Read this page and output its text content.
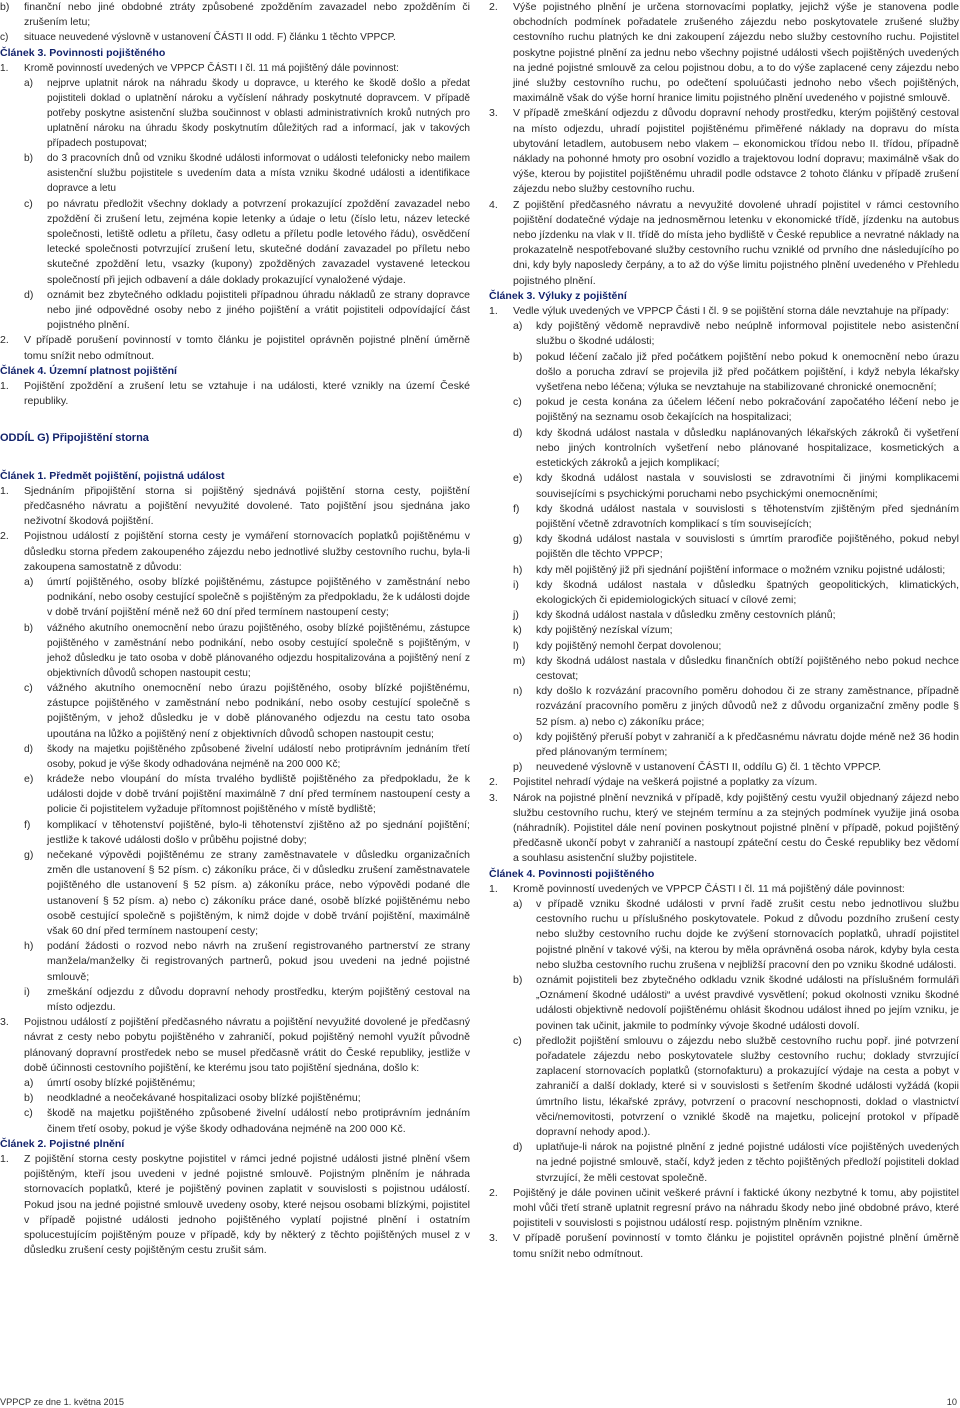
b) finanční nebo jiné obdobné ztráty způsobené zpožděním zavazadel nebo zpožděním či zrušením letu;

c) situace neuvedené výslovně v ustanovení ČÁSTI II odd. F) článku 1 těchto VPPCP.

Článek 3. Povinnosti pojištěného

1. Kromě povinností uvedených ve VPPCP ČÁSTI I čl. 11 má pojištěný dále povinnost:

a) nejprve uplatnit nárok na náhradu škody u dopravce, u kterého ke škodě došlo a předat pojistiteli doklad o uplatnění nároku a vyčíslení náhrady poskytnuté dopravcem. V případě potřeby poskytne asistenční služba součinnost v oblasti administrativních kroků nutných pro uplatnění nároku na úhradu škody poskytnutím důležitých rad a informací, jak v takových případech postupovat;

b) do 3 pracovních dnů od vzniku škodné události informovat o události telefonicky nebo mailem asistenční službu pojistitele s uvedením data a místa vzniku škodné události a identifikace dopravce a letu

c) po návratu předložit všechny doklady a potvrzení prokazující zpoždění zavazadel nebo zpoždění či zrušení letu, zejména kopie letenky a údaje o letu (číslo letu, název letecké společnosti, letiště odletu a příletu, časy odletu a příletu podle letového řádu), osvědčení letecké společnosti potvrzující zrušení letu, skutečné dodání zavazadel po příletu nebo skutečné zpoždění letu, vsazky (kupony) zpožděných zavazadel vystavené leteckou společností při jejich odbavení a dále doklady prokazující vynaložené výdaje.

d) oznámit bez zbytečného odkladu pojistiteli případnou úhradu nákladů ze strany dopravce nebo jiné odpovědné osoby nebo z jiného pojištění a vrátit pojistiteli odpovídající část pojistného plnění.

2. V případě porušení povinností v tomto článku je pojistitel oprávněn pojistné plnění úměrně tomu snížit nebo odmítnout.

Článek 4. Územní platnost pojištění

1. Pojištění zpoždění a zrušení letu se vztahuje i na události, které vznikly na území České republiky.

ODDÍL G) Připojištění storna

Článek 1. Předmět pojištění, pojistná událost

1. Sjednáním připojištění storna si pojištěný sjednává pojištění storna cesty, pojištění předčasného návratu a pojištění nevyužité dovolené. Tato pojištění jsou sjednána jako neživotní škodová pojištění.

2. Pojistnou událostí z pojištění storna cesty je vymáření stornovacích poplatků pojištěnému v důsledku storna předem zakoupeného zájezdu nebo jednotlivé služby cestovního ruchu, byla-li zakoupena samostatně z důvodu:

a) úmrtí pojištěného, osoby blízké pojištěnému, zástupce pojištěného v zaměstnání nebo podnikání, nebo osoby cestující společně s pojištěným za předpokladu, že k události dojde v době trvání pojištění méně než 60 dní před termínem nastoupení cesty;

b) vážného akutního onemocnění nebo úrazu pojištěného, osoby blízké pojištěnému, zástupce pojištěného v zaměstnání nebo podnikání, nebo osoby cestující společně s pojištěným, v jehož důsledku je tato osoba v době plánovaného odjezdu hospitalizována a pojištěný není z objektivních důvodů schopen nastoupit cestu;

c) vážného akutního onemocnění nebo úrazu pojištěného, osoby blízké pojištěnému, zástupce pojištěného v zaměstnání nebo podnikání, nebo osoby cestující společně s pojištěným, v jehož důsledku je v době plánovaného odjezdu na cestu tato osoba upoutána na lůžko a pojištěný není z objektivních důvodů schopen nastoupit cestu;

d) škody na majetku pojištěného způsobené živelní událostí nebo protiprávním jednáním třetí osoby, pokud je výše škody odhadována nejméně na 200 000 Kč;

e) krádeže nebo vloupání do místa trvalého bydliště pojištěného za předpokladu, že k události dojde v době trvání pojištění maximálně 7 dní před termínem nastoupení cesty a policie či pojistitelem vyžaduje přítomnost pojištěného v místě bydliště;

f) komplikací v těhotenství pojištěné, bylo-li těhotenství zjištěno až po sjednání pojištění; jestliže k takové události došlo v průběhu pojistné doby;

g) nečekané výpovědi pojištěnému ze strany zaměstnavatele v důsledku organizačních změn dle ustanovení § 52 písm. c) zákoníku práce, či v důsledku zrušení zaměstnavatele pojištěného dle ustanovení § 52 písm. a) zákoníku práce, nebo výpovědi podané dle ustanovení § 52 písm. a) nebo c) zákoníku práce dané, osobě blízké pojištěnému nebo osobě cestující společně s pojištěným, k nimž dojde v době trvání pojištění, maximálně však 60 dní před termínem nastoupení cesty;

h) podání žádosti o rozvod nebo návrh na zrušení registrovaného partnerství ze strany manžela/manželky či registrovaných partnerů, pokud jsou uvedeni na jedné pojistné smlouvě;

i) zmeškání odjezdu z důvodu dopravní nehody prostředku, kterým pojištěný cestoval na místo odjezdu.

3. Pojistnou událostí z pojištění předčasného návratu a pojištění nevyužité dovolené je předčasný návrat z cesty nebo pobytu pojištěného v zahraničí, pokud pojištěný nemohl využít původně plánovaný dopravní prostředek nebo se musel předčasně vrátit do České republiky, jestliže v době účinnosti cestovního pojištění, ke kterému jsou tato pojištění sjednána, došlo k:

a) úmrtí osoby blízké pojištěnému;

b) neodkladné a neočekávané hospitalizaci osoby blízké pojištěnému;

c) škodě na majetku pojištěného způsobené živelní událostí nebo protiprávním jednáním činem třetí osoby, pokud je výše škody odhadována nejméně na 200 000 Kč.

Článek 2. Pojistné plnění

1. Z pojištění storna cesty poskytne pojistitel v rámci jedné pojistné události jistné plnění všem pojištěným, kteří jsou uvedeni v jedné pojistné smlouvě. Pojistným plněním je náhrada stornovacích poplatků, které je pojištěný povinen zaplatit v souvislosti s pojistnou událostí. Pokud jsou na jedné pojistné smlouvě uvedeny osoby, které nejsou osobami blízkými, pojistitel v případě pojistné události jednoho pojištěného vyplatí pojistné plnění i ostatním spolucestujícím pojištěným pouze v případě, kdy by některý z těchto pojištěných musel z v důsledku zrušení cesty pojištěným cestu zrušit sám.

2. Výše pojistného plnění je určena stornovacími poplatky, jejichž výše je stanovena podle obchodních podmínek pořadatele zrušeného zájezdu nebo poskytovatele zrušené služby cestovního ruchu platných ke dni zakoupení zájezdu nebo služby cestovního ruchu. Pojistitel poskytne pojistné plnění za jednu nebo všechny pojistné události všech pojištěných uvedených na jedné pojistné smlouvě za celou pojistnou dobu, a to do výše zaplacené ceny zájezdu nebo jiné služby cestovního ruchu, po odečtení spoluúčasti jednoho nebo všech pojištěných, maximálně však do výše horní hranice limitu pojistného plnění uvedeného v pojistné smlouvě.

3. V případě zmeškání odjezdu z důvodu dopravní nehody prostředku, kterým pojištěný cestoval na místo odjezdu, uhradí pojistitel pojištěnému přiměřené náklady na dopravu do místa ubytování letadlem, autobusem nebo vlakem – ekonomickou třídou nebo II. třídou, případně náklady na pohonné hmoty pro osobní vozidlo a trajektovou lodní dopravu; maximálně však do výše, kterou by pojistitel pojištěnému uhradil podle odstavce 2 tohoto článku v případě zrušení zájezdu nebo služby cestovního ruchu.

4. Z pojištění předčasného návratu a nevyužité dovolené uhradí pojistitel v rámci cestovního pojištění dodatečné výdaje na jednosměrnou letenku v ekonomické třídě, jízdenku na autobus nebo jízdenku na vlak v II. třídě do místa jeho bydliště v České republice a nevratné náklady na prokazatelně nespotřebované služby cestovního ruchu vzniklé od prvního dne následujícího po dni, kdy byly naposledy čerpány, a to až do výše limitu pojistného plnění uvedeného v Přehledu pojistného plnění.

Článek 3. Výluky z pojištění

1. Vedle výluk uvedených ve VPPCP Části I čl. 9 se pojištění storna dále nevztahuje na případy:

a) kdy pojištěný vědomě nepravdivě nebo neúplně informoval pojistitele nebo asistenční službu o škodné události;

b) pokud léčení začalo již před počátkem pojištění nebo pokud k onemocnění nebo úrazu došlo a porucha zdraví se projevila již před počátkem pojištění, i když nebyla lékařsky vyšetřena nebo léčena; výluka se nevztahuje na stabilizované chronické onemocnění;

c) pokud je cesta konána za účelem léčení nebo pokračování započatého léčení nebo je pojištěný na seznamu osob čekajících na hospitalizaci;

d) kdy škodná událost nastala v důsledku naplánovaných lékařských zákroků či vyšetření nebo jiných kontrolních vyšetření nebo plánované hospitalizace, kosmetických a estetických zákroků a jejich komplikací;

e) kdy škodná událost nastala v souvislosti se zdravotními či jinými komplikacemi souvisejícími s psychickými poruchami nebo psychickými onemocněními;

f) kdy škodná událost nastala v souvislosti s těhotenstvím zjištěným před sjednáním pojištění včetně zdravotních komplikací s tím souvisejících;

g) kdy škodná událost nastala v souvislosti s úmrtím praroďiče pojištěného, pokud nebyl pojištěn dle těchto VPPCP;

h) kdy měl pojištěný již při sjednání pojištění informace o možném vzniku pojistné události;

i) kdy škodná událost nastala v důsledku špatných geopolitických, klimatických, ekologických či epidemiologických situací v cílové zemi;

j) kdy škodná událost nastala v důsledku změny cestovních plánů;

k) kdy pojištěný nezískal vízum;

l) kdy pojištěný nemohl čerpat dovolenou;

m) kdy škodná událost nastala v důsledku finančních obtíží pojištěného nebo pokud nechce cestovat;

n) kdy došlo k rozvázání pracovního poměru dohodou či ze strany zaměstnance, případně rozvázání pracovního poměru z jiných důvodů než z důvodu organizační změny podle § 52 písm. a) nebo c) zákoníku práce;

o) kdy pojištěný přeruší pobyt v zahraničí a k předčasnému návratu dojde méně než 36 hodin před plánovaným termínem;

p) neuvedené výslovně v ustanovení ČÁSTI II, oddílu G) čl. 1 těchto VPPCP.

2. Pojistitel nehradí výdaje na veškerá pojistné a poplatky za vízum.

3. Nárok na pojistné plnění nevzniká v případě, kdy pojištěný cestu využil objednaný zájezd nebo službu cestovního ruchu, který ve stejném termínu a za stejných podmínek využije jiná osoba (náhradník). Pojistitel dále není povinen poskytnout pojistné plnění v případě, pokud pojištěný předčasně ukončí pobyt v zahraničí a nastoupí zpáteční cestu do České republiky bez vědomí a souhlasu asistenční služby pojistitele.

Článek 4. Povinnosti pojištěného

1. Kromě povinností uvedených ve VPPCP ČÁSTI I čl. 11 má pojištěný dále povinnost:

a) v případě vzniku škodné události v první řadě zrušit cestu nebo jednotlivou službu cestovního ruchu u příslušného poskytovatele. Pokud z důvodu pozdního zrušení cesty nebo služby cestovního ruchu dojde ke zvýšení stornovacích poplatků, uhradí pojistitel pojistné plnění v takové výši, na kterou by měla oprávněná osoba nárok, kdyby byla cesta nebo služba cestovního ruchu zrušena v nejbližší pracovní den po vzniku škodné události.

b) oznámit pojistiteli bez zbytečného odkladu vznik škodné události na příslušném formuláři „Oznámení škodné události“ a uvést pravdivé vysvětlení; pokud okolnosti vzniku škodné události objektivně nedovolí pojištěnému ohlásit škodnou událost ihned po jejím vzniku, je povinen tak učinit, jakmile to podmínky vývoje škodné události dovolí.

c) předložit pojištění smlouvu o zájezdu nebo službě cestovního ruchu popř. jiné potvrzení pořadatele zájezdu nebo poskytovatele služby cestovního ruchu; doklady stvrzující zaplacení stornovacích poplatků (stornofakturu) a prokazující výdaje na cesta a pobyt v zahraničí a další doklady, které si v souvislosti s šetřením škodné události vyžádá (kopii úmrtního listu, lékařské zprávy, potvrzení o pracovní neschopnosti, doklad o vlastnictví věci/nemovitosti, potvrzení o vzniklé škodě na majetku, policejní protokol v případě dopravní nehody apod.).

d) uplatňuje-li nárok na pojistné plnění z jedné pojistné události více pojištěných uvedených na jedné pojistné smlouvě, stačí, když jeden z těchto pojištěných předloží pojistiteli doklad stvrzující, že měli cestovat společně.

2. Pojištěný je dále povinen učinit veškeré právní i faktické úkony nezbytné k tomu, aby pojistitel mohl vůči třetí straně uplatnit regresní právo na náhradu škody nebo jiné obdobné právo, které pojistiteli v souvislosti s pojistnou událostí resp. pojistným plněním vznikne.

3. V případě porušení povinností v tomto článku je pojistitel oprávněn pojistné plnění úměrně tomu snížit nebo odmítnout.

VPPCP ze dne 1. května 2015	10
